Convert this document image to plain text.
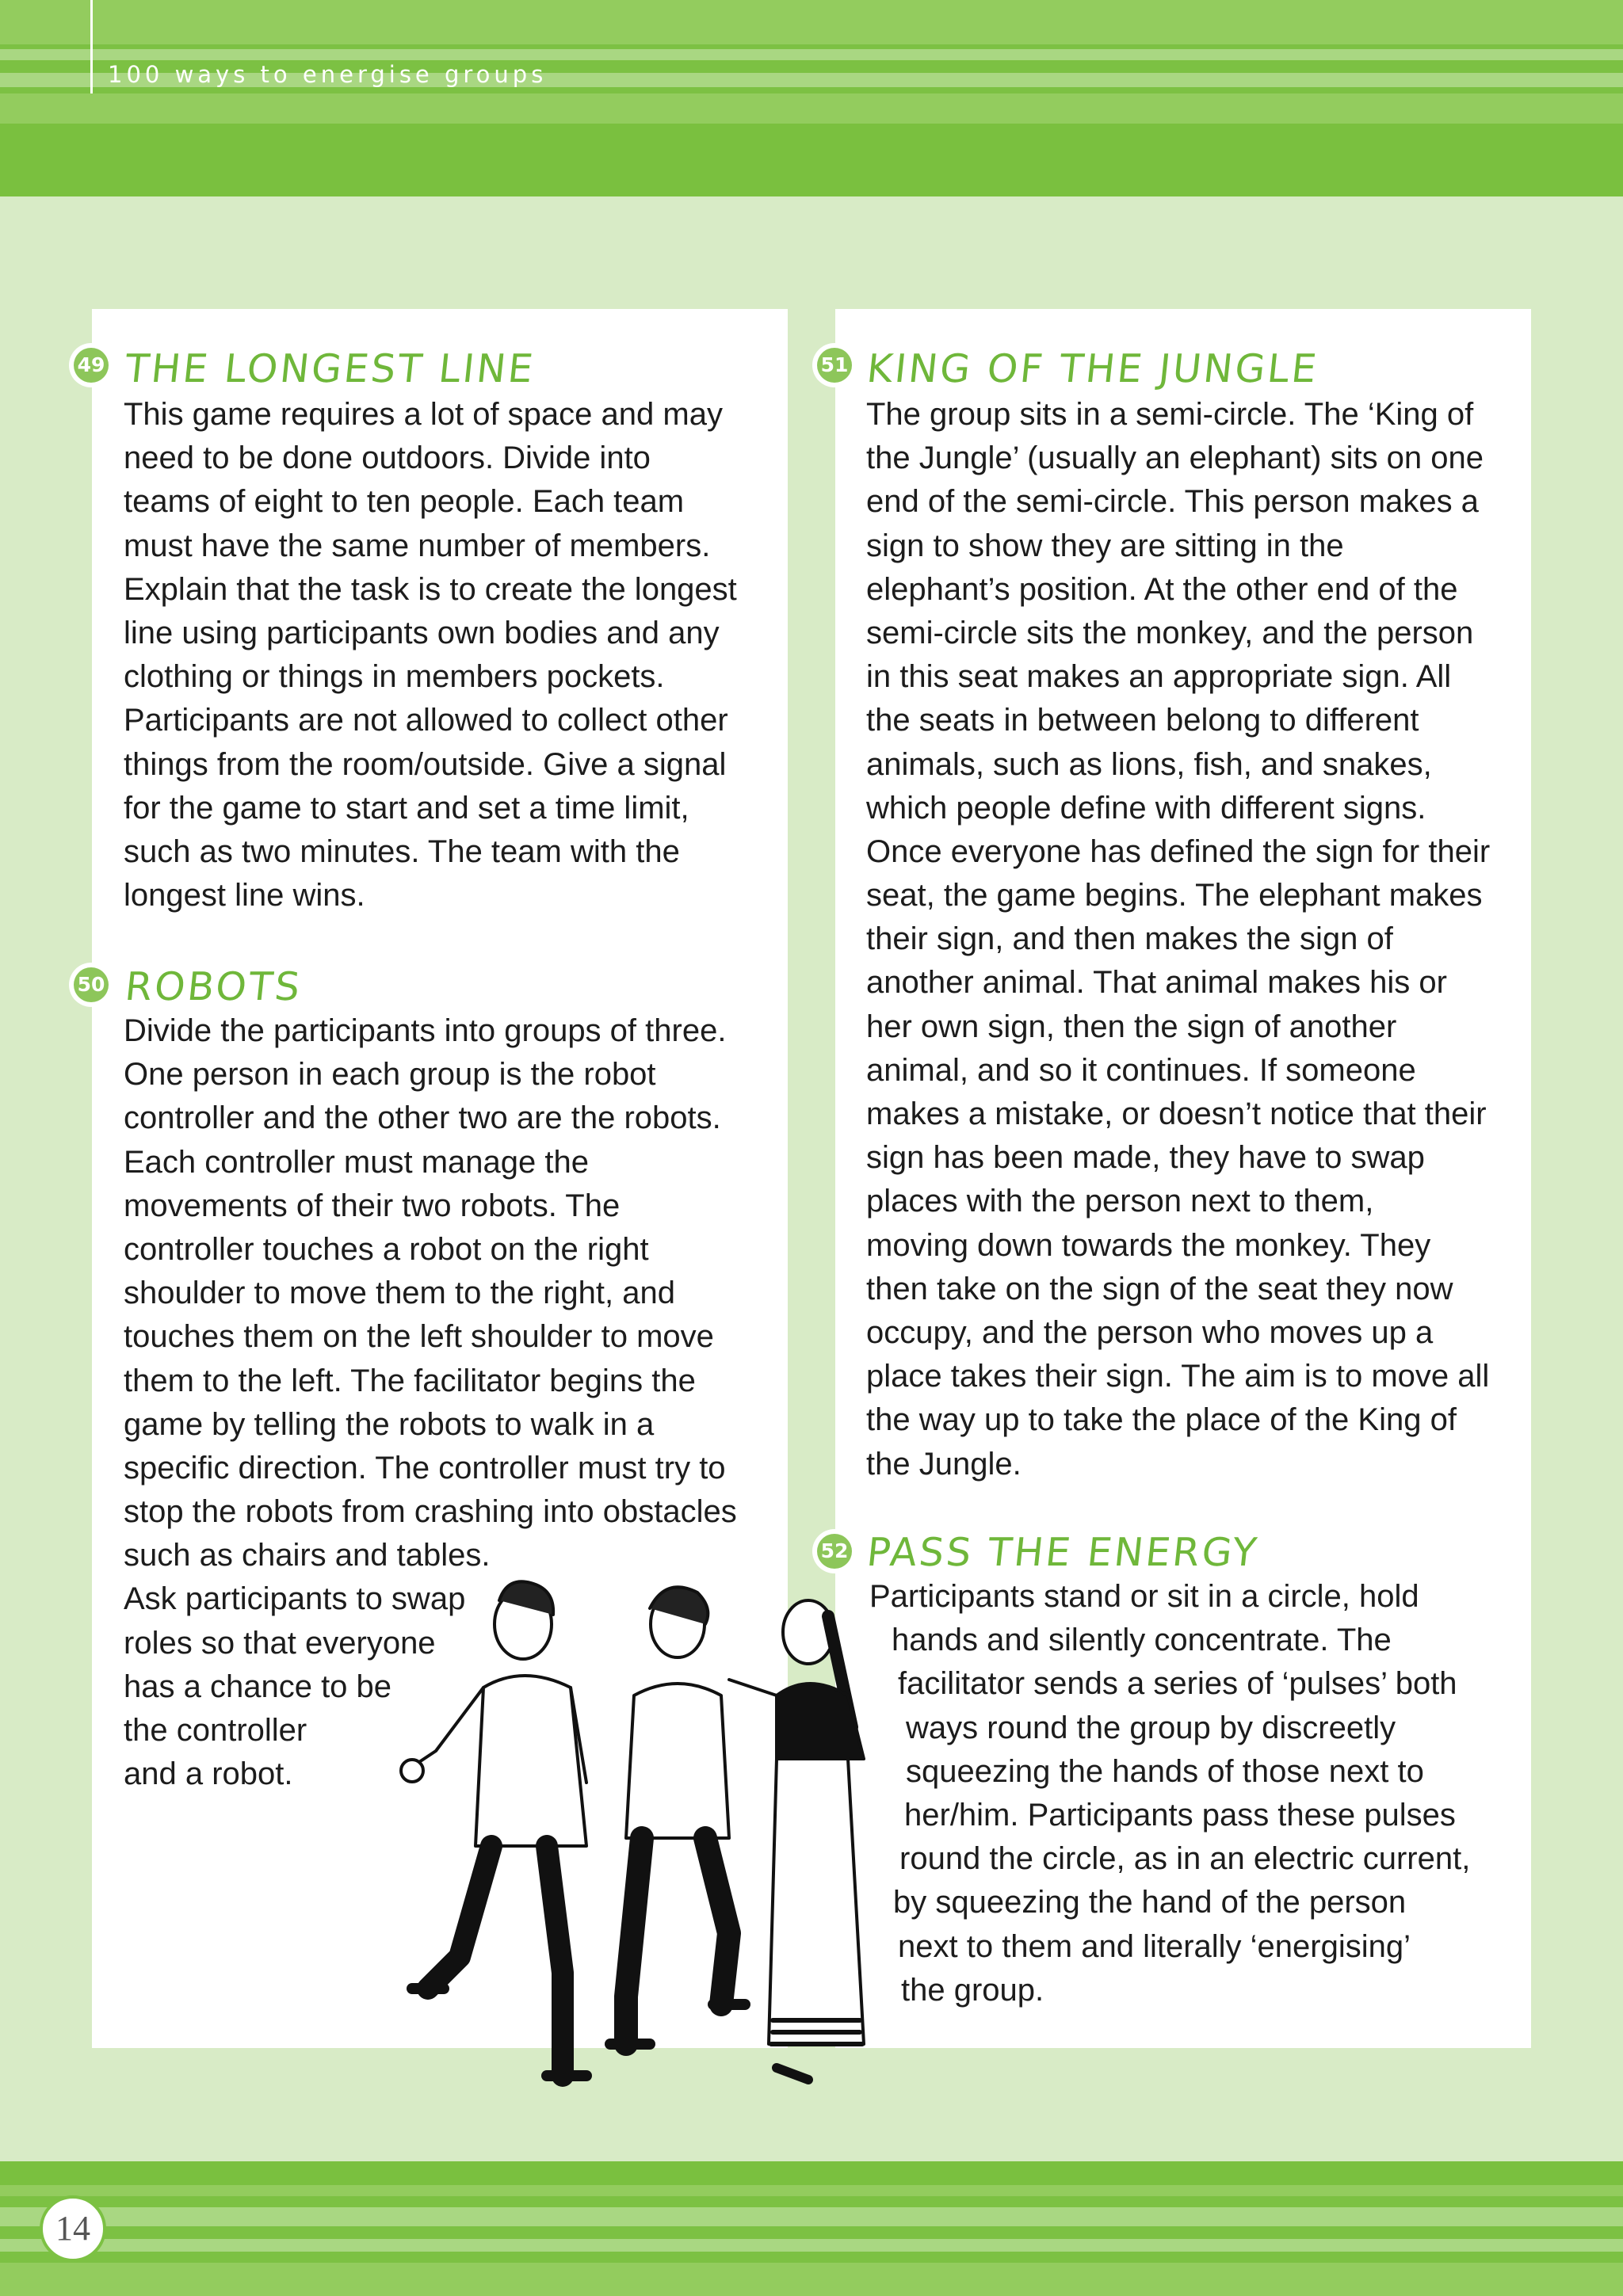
100 ways to energise groups
49 THE LONGEST LINE
This game requires a lot of space and may
need to be done outdoors. Divide into
teams of eight to ten people. Each team
must have the same number of members.
Explain that the task is to create the longest
line using participants own bodies and any
clothing or things in members pockets.
Participants are not allowed to collect other
things from the room/outside. Give a signal
for the game to start and set a time limit,
such as two minutes. The team with the
longest line wins.
50 ROBOTS
Divide the participants into groups of three.
One person in each group is the robot
controller and the other two are the robots.
Each controller must manage the
movements of their two robots. The
controller touches a robot on the right
shoulder to move them to the right, and
touches them on the left shoulder to move
them to the left. The facilitator begins the
game by telling the robots to walk in a
specific direction. The controller must try to
stop the robots from crashing into obstacles
such as chairs and tables.
Ask participants to swap
roles so that everyone
has a chance to be
the controller
and a robot.
51 KING OF THE JUNGLE
The group sits in a semi-circle. The ‘King of
the Jungle’ (usually an elephant) sits on one
end of the semi-circle. This person makes a
sign to show they are sitting in the
elephant’s position. At the other end of the
semi-circle sits the monkey, and the person
in this seat makes an appropriate sign. All
the seats in between belong to different
animals, such as lions, fish, and snakes,
which people define with different signs.
Once everyone has defined the sign for their
seat, the game begins. The elephant makes
their sign, and then makes the sign of
another animal. That animal makes his or
her own sign, then the sign of another
animal, and so it continues. If someone
makes a mistake, or doesn’t notice that their
sign has been made, they have to swap
places with the person next to them,
moving down towards the monkey. They
then take on the sign of the seat they now
occupy, and the person who moves up a
place takes their sign. The aim is to move all
the way up to take the place of the King of
the Jungle.
52 PASS THE ENERGY
Participants stand or sit in a circle, hold
hands and silently concentrate. The
facilitator sends a series of ‘pulses’ both
ways round the group by discreetly
squeezing the hands of those next to
her/him. Participants pass these pulses
round the circle, as in an electric current,
by squeezing the hand of the person
next to them and literally ‘energising’
the group.
14
